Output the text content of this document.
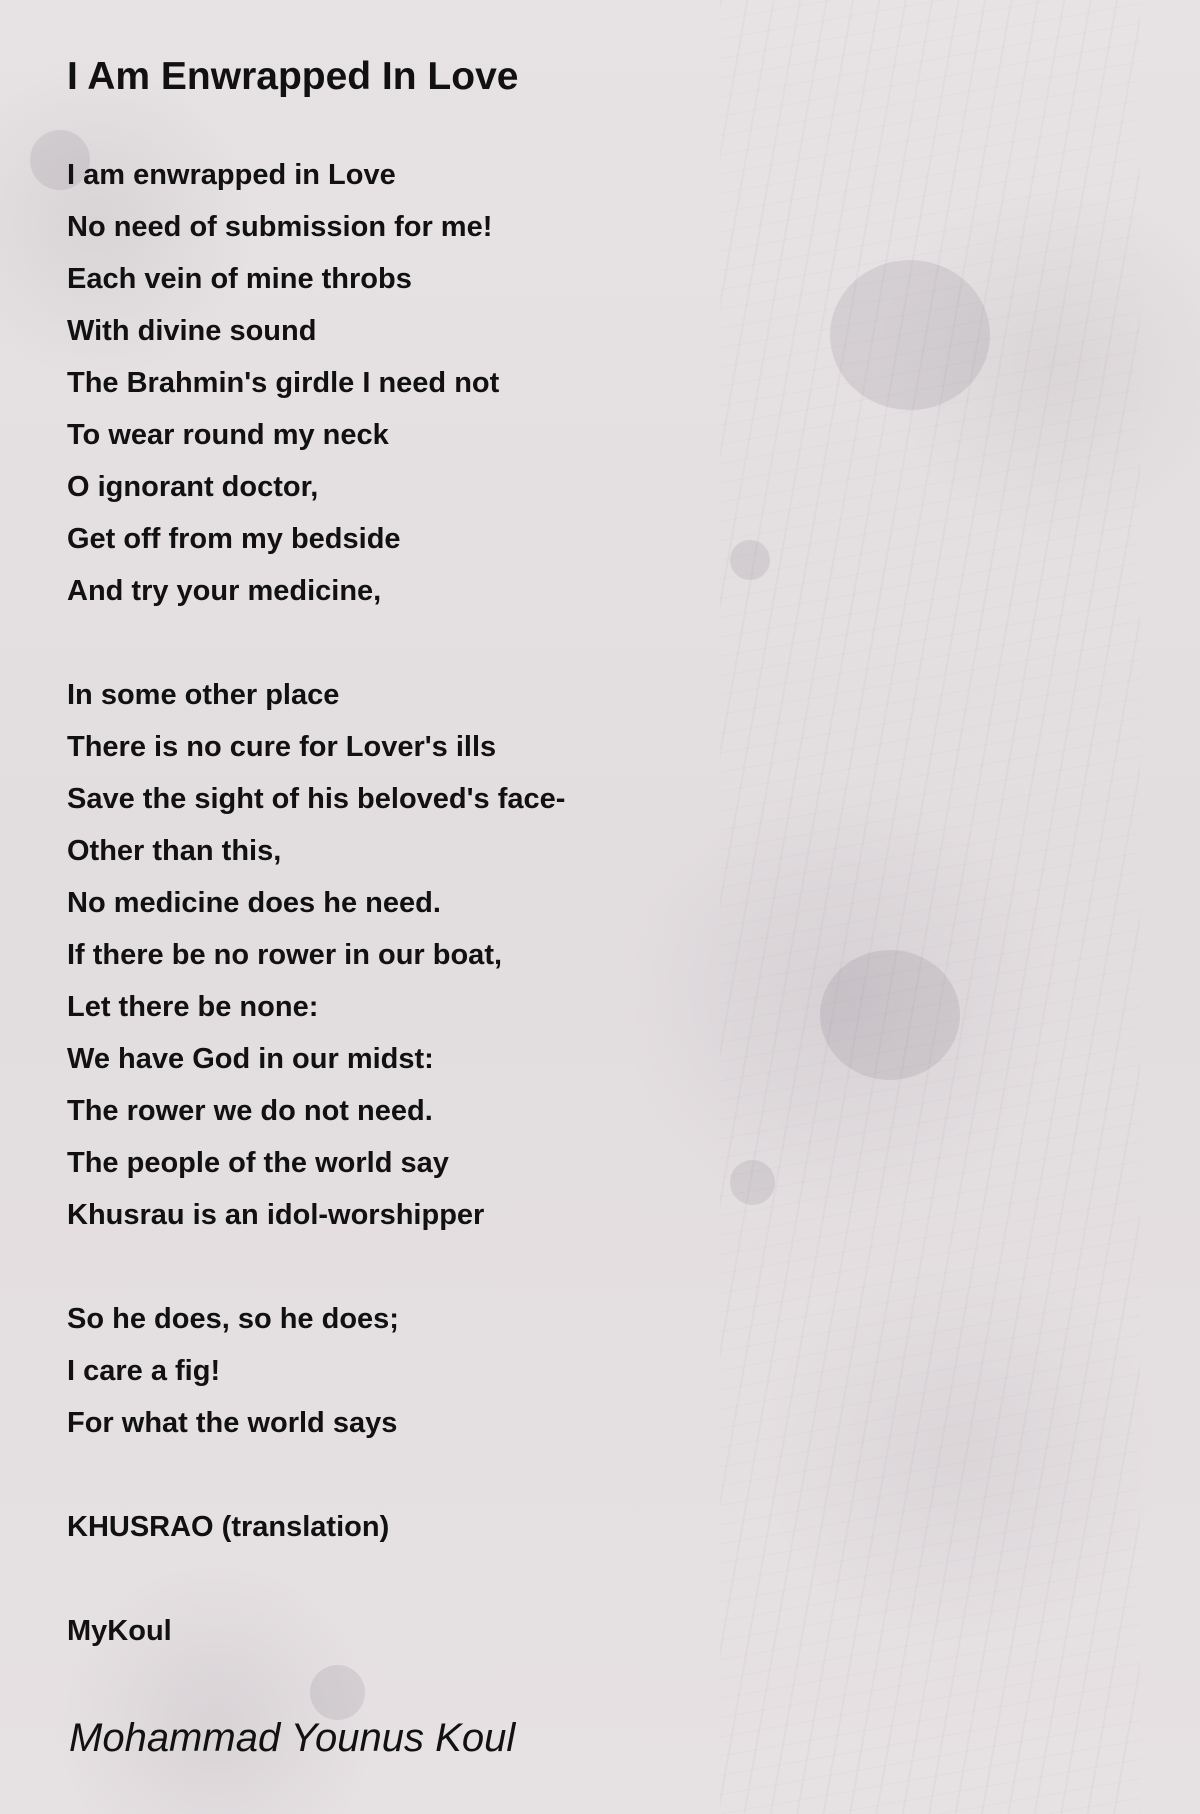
I Am Enwrapped In Love
I am enwrapped in Love
No need of submission for me!
Each vein of mine throbs
With divine sound
The Brahmin's girdle I need not
To wear round my neck
O ignorant doctor,
Get off from my bedside
And try your medicine,
In some other place
There is no cure for Lover's ills
Save the sight of his beloved's face-
Other than this,
No medicine does he need.
If there be no rower in our boat,
Let there be none:
We have God in our midst:
The rower we do not need.
The people of the world say
Khusrau is an idol-worshipper
So he does, so he does;
I care a fig!
For what the world says
KHUSRAO (translation)
MyKoul
Mohammad Younus Koul
